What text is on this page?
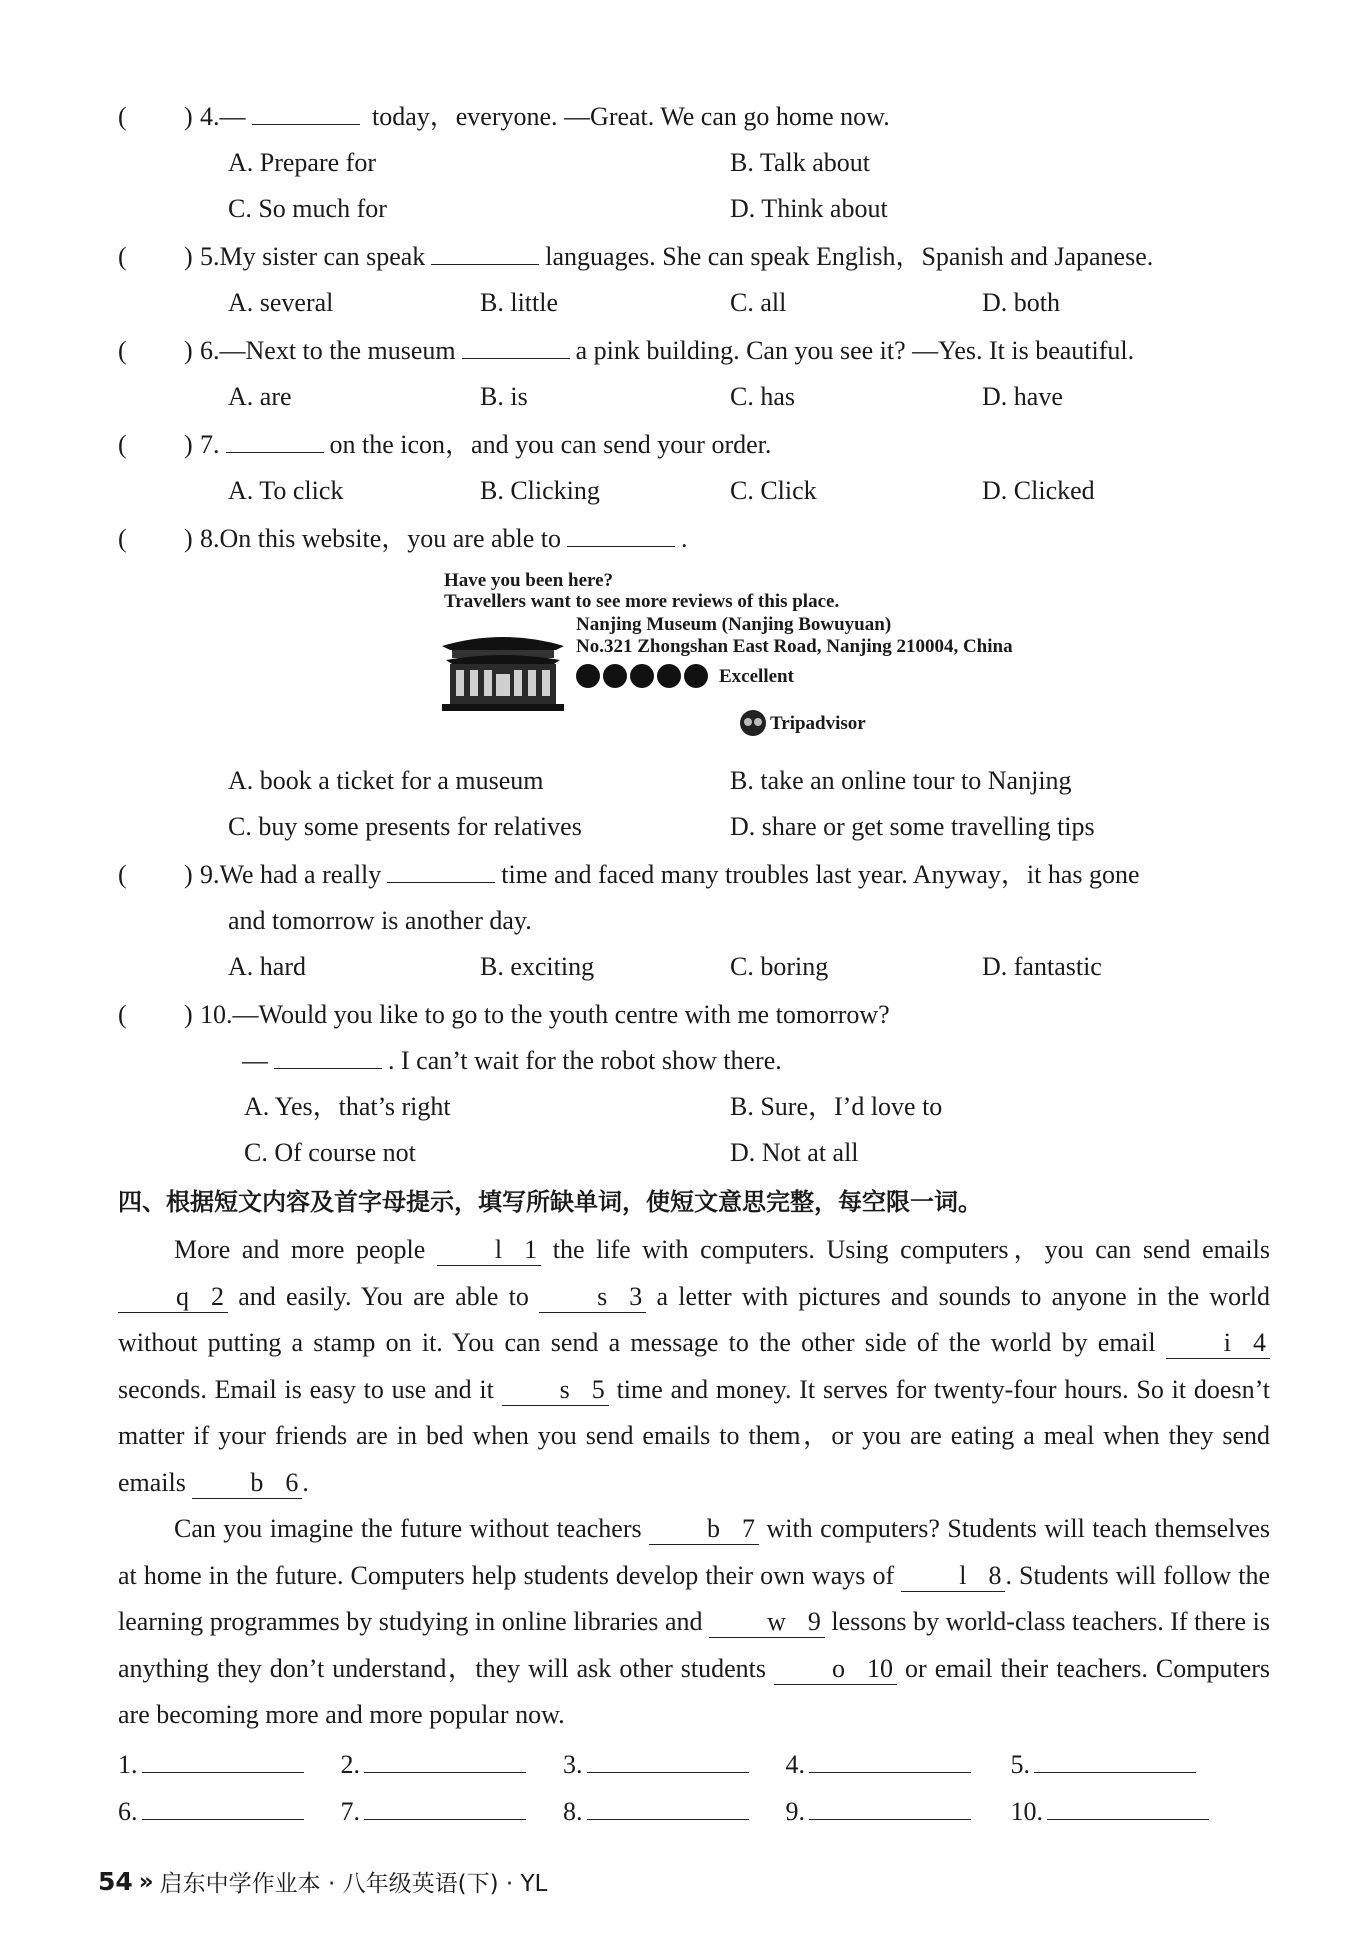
( ) 4.—	today，everyone. —Great. We can go home now.
A. Prepare for	B. Talk about
C. So much for	D. Think about
( ) 5.My sister can speak	languages. She can speak English，Spanish and Japanese.
A. several	B. little	C. all	D. both
( ) 6.—Next to the museum	a pink building. Can you see it? —Yes. It is beautiful.
A. are	B. is	C. has	D. have
( ) 7.	on the icon，and you can send your order.
A. To click	B. Clicking	C. Click	D. Clicked
( ) 8.On this website，you are able to	.
Have you been here?
Travellers want to see more reviews of this place.
Nanjing Museum (Nanjing Bowuyuan)
No.321 Zhongshan East Road, Nanjing 210004, China
Excellent
Tripadvisor
A. book a ticket for a museum	B. take an online tour to Nanjing
C. buy some presents for relatives	D. share or get some travelling tips
( ) 9.We had a really	time and faced many troubles last year. Anyway，it has gone
and tomorrow is another day.
A. hard	B. exciting	C. boring	D. fantastic
( ) 10.—Would you like to go to the youth centre with me tomorrow?
—	. I can’t wait for the robot show there.
A. Yes，that’s right	B. Sure，I’d love to
C. Of course not	D. Not at all
四、根据短文内容及首字母提示，填写所缺单词，使短文意思完整，每空限一词。

More and more people l 1 the life with computers. Using computers，you can send emails q 2 and easily. You are able to s 3 a letter with pictures and sounds to anyone in the world without putting a stamp on it. You can send a message to the other side of the world by email i 4 seconds. Email is easy to use and it s 5 time and money. It serves for twenty-four hours. So it doesn’t matter if your friends are in bed when you send emails to them，or you are eating a meal when they send emails b 6 .

Can you imagine the future without teachers b 7 with computers? Students will teach themselves at home in the future. Computers help students develop their own ways of l 8 . Students will follow the learning programmes by studying in online libraries and w 9 lessons by world-class teachers. If there is anything they don’t understand，they will ask other students o 10 or email their teachers. Computers are becoming more and more popular now.

1.	2.	3.	4.	5.
6.	7.	8.	9.	10.
54 » 启东中学作业本 · 八年级英语(下) · YL
